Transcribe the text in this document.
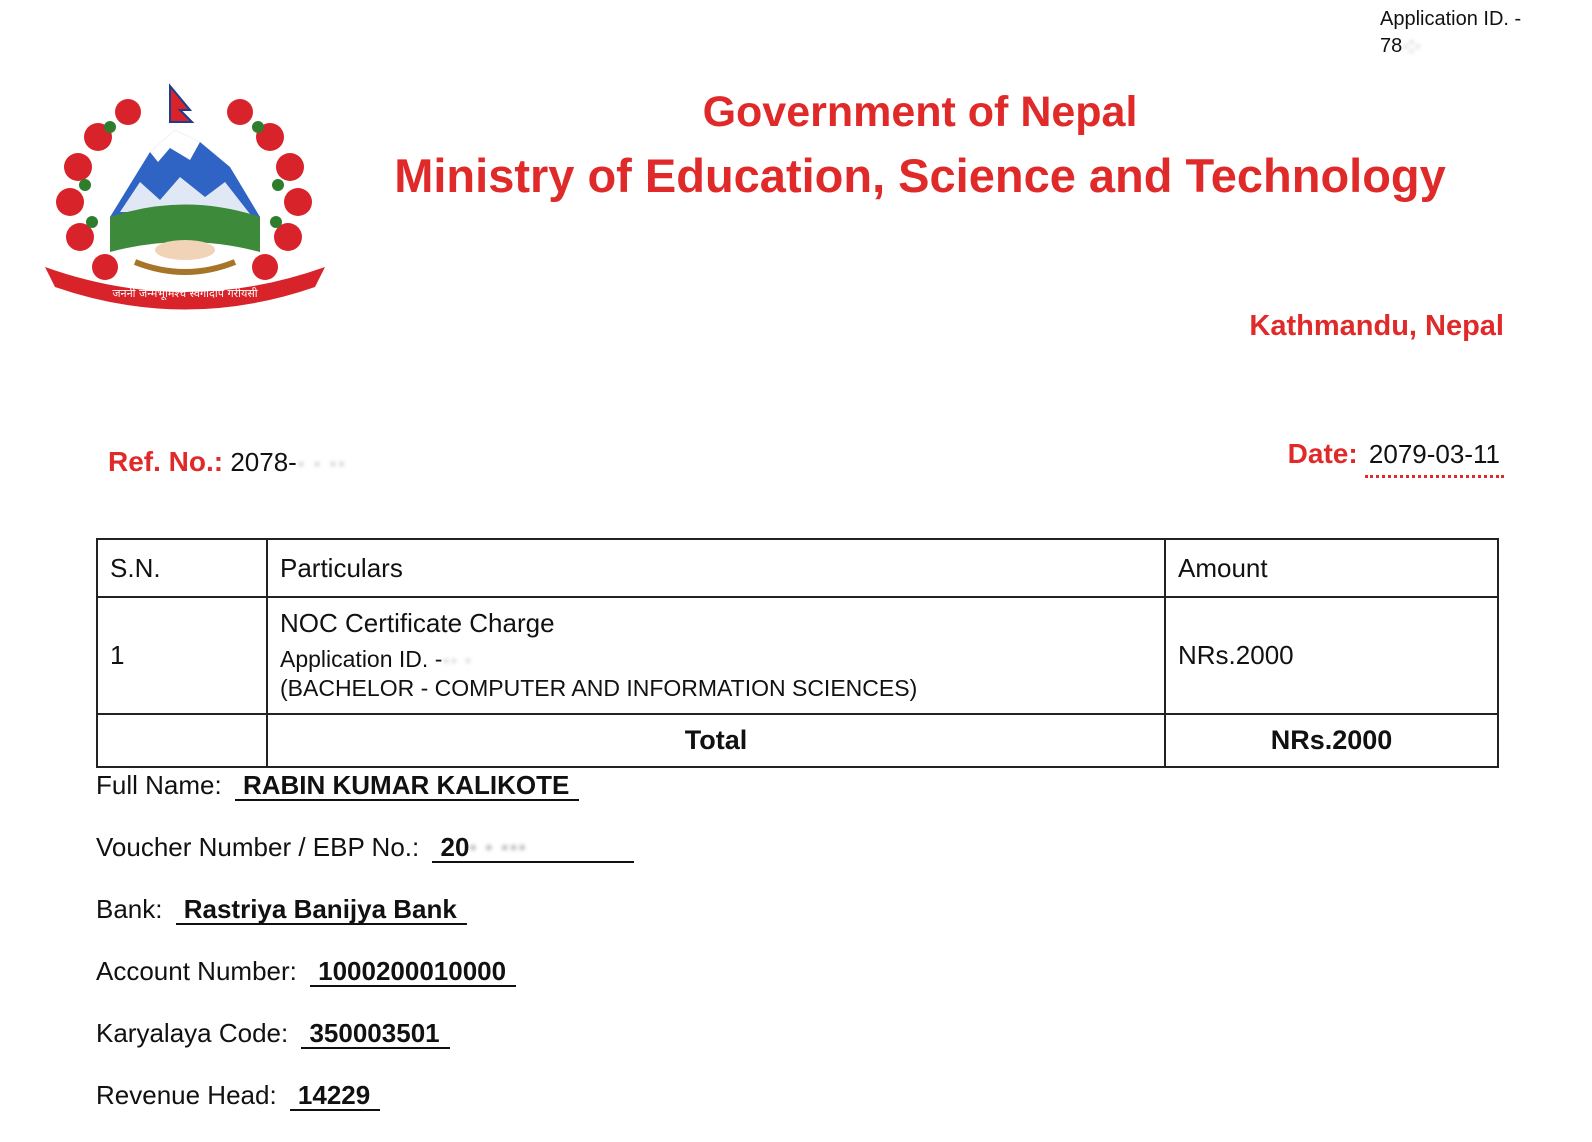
Application ID. -
78·:·
जननी जन्मभूमिश्च स्वर्गादपि गरीयसी
Government of Nepal
Ministry of Education, Science and Technology
Kathmandu, Nepal
Ref. No.: 2078-· · ··	Date: 2079-03-11
S.N.	Particulars	Amount
1	NOC Certificate Charge
Application ID. -·· ·
(BACHELOR - COMPUTER AND INFORMATION SCIENCES)	NRs.2000
	Total	NRs.2000
Full Name: RABIN KUMAR KALIKOTE
Voucher Number / EBP No.: 20· · ···
Bank: Rastriya Banijya Bank
Account Number: 1000200010000
Karyalaya Code: 350003501
Revenue Head: 14229
